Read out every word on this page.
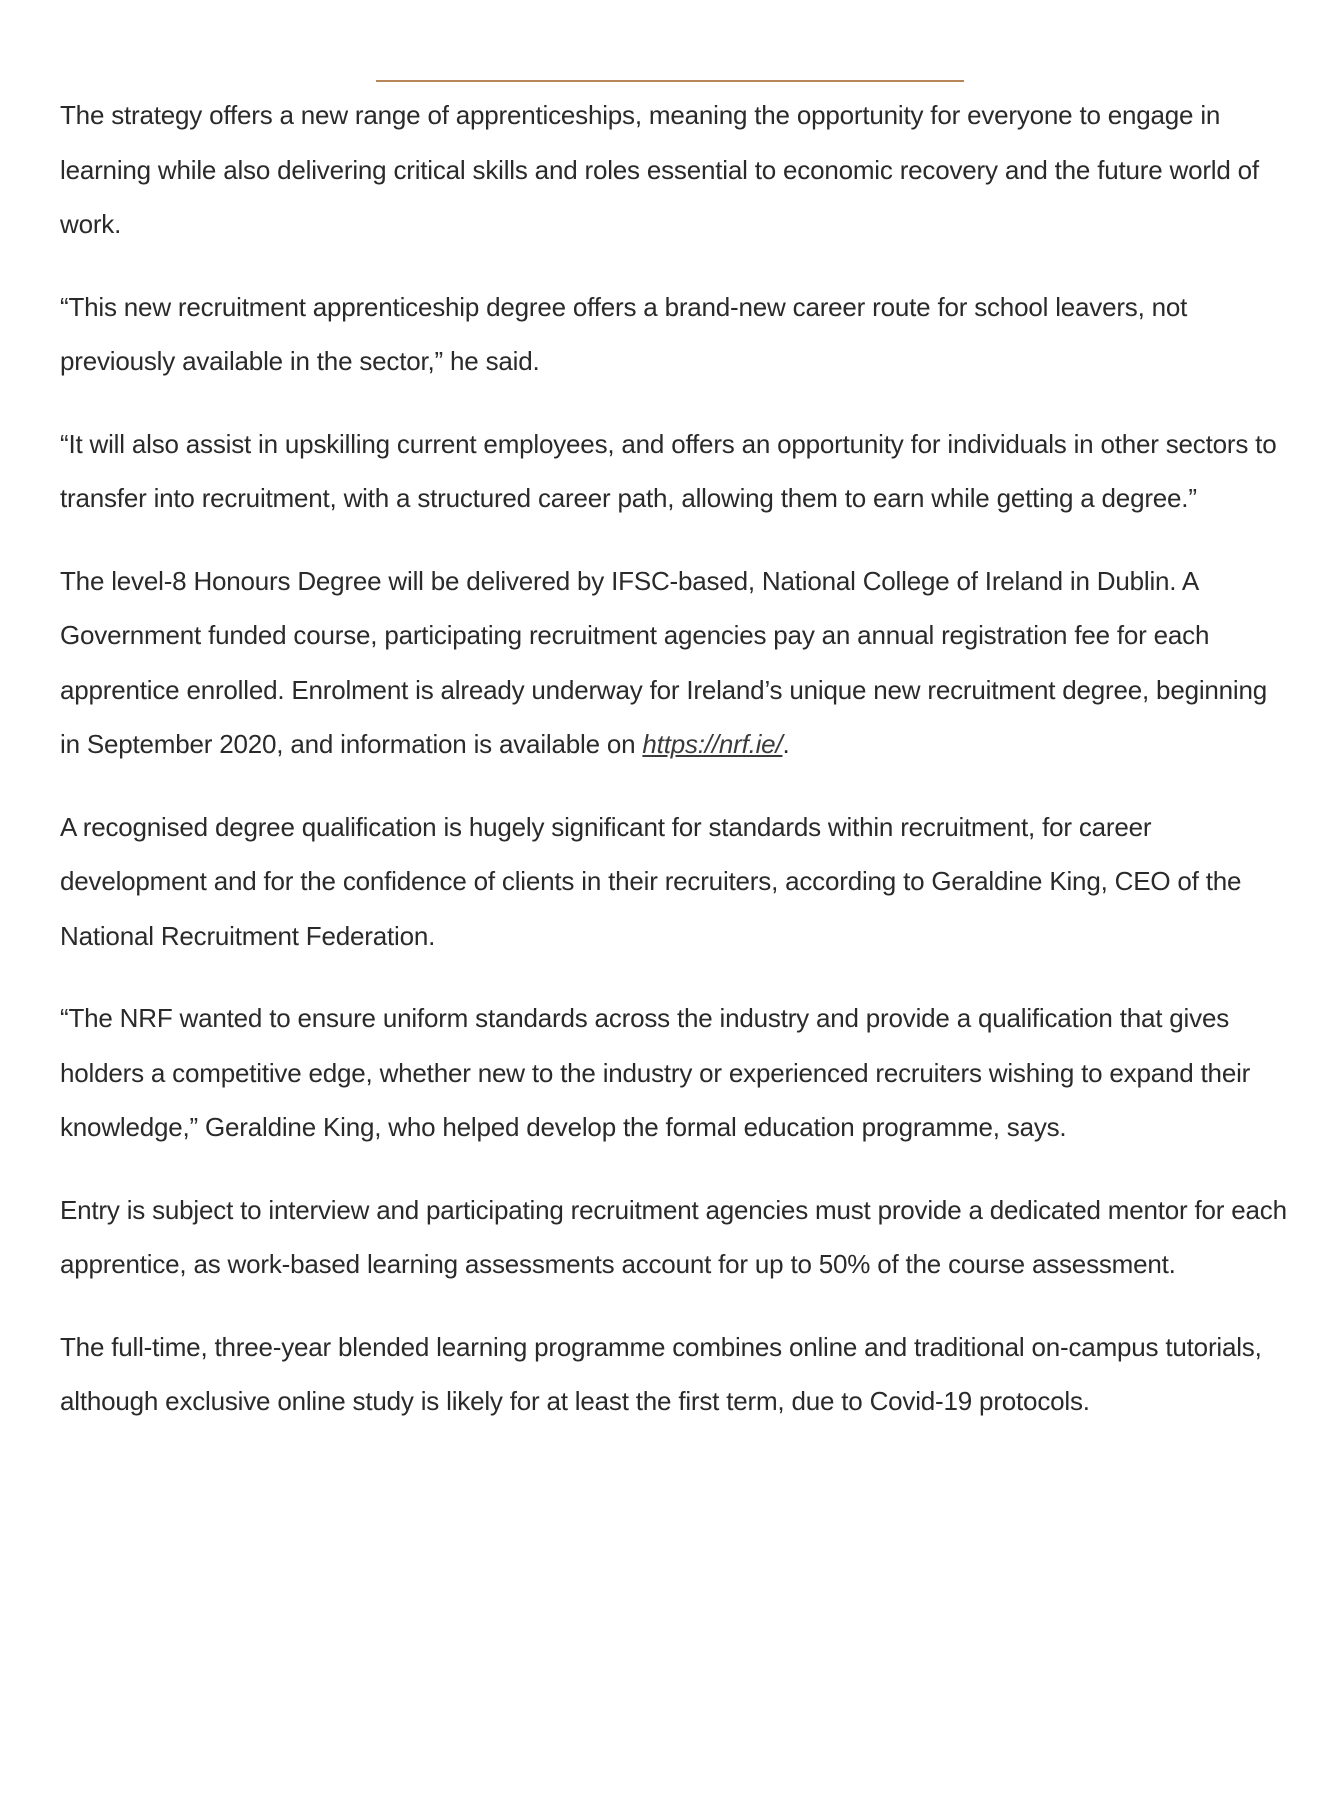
The strategy offers a new range of apprenticeships, meaning the opportunity for everyone to engage in learning while also delivering critical skills and roles essential to economic recovery and the future world of work.

“This new recruitment apprenticeship degree offers a brand-new career route for school leavers, not previously available in the sector,” he said.

“It will also assist in upskilling current employees, and offers an opportunity for individuals in other sectors to transfer into recruitment, with a structured career path, allowing them to earn while getting a degree.”

The level-8 Honours Degree will be delivered by IFSC-based, National College of Ireland in Dublin. A Government funded course, participating recruitment agencies pay an annual registration fee for each apprentice enrolled. Enrolment is already underway for Ireland’s unique new recruitment degree, beginning in September 2020, and information is available on https://nrf.ie/.

A recognised degree qualification is hugely significant for standards within recruitment, for career development and for the confidence of clients in their recruiters, according to Geraldine King, CEO of the National Recruitment Federation.

“The NRF wanted to ensure uniform standards across the industry and provide a qualification that gives holders a competitive edge, whether new to the industry or experienced recruiters wishing to expand their knowledge,” Geraldine King, who helped develop the formal education programme, says.

Entry is subject to interview and participating recruitment agencies must provide a dedicated mentor for each apprentice, as work-based learning assessments account for up to 50% of the course assessment.

The full-time, three-year blended learning programme combines online and traditional on-campus tutorials, although exclusive online study is likely for at least the first term, due to Covid-19 protocols.
